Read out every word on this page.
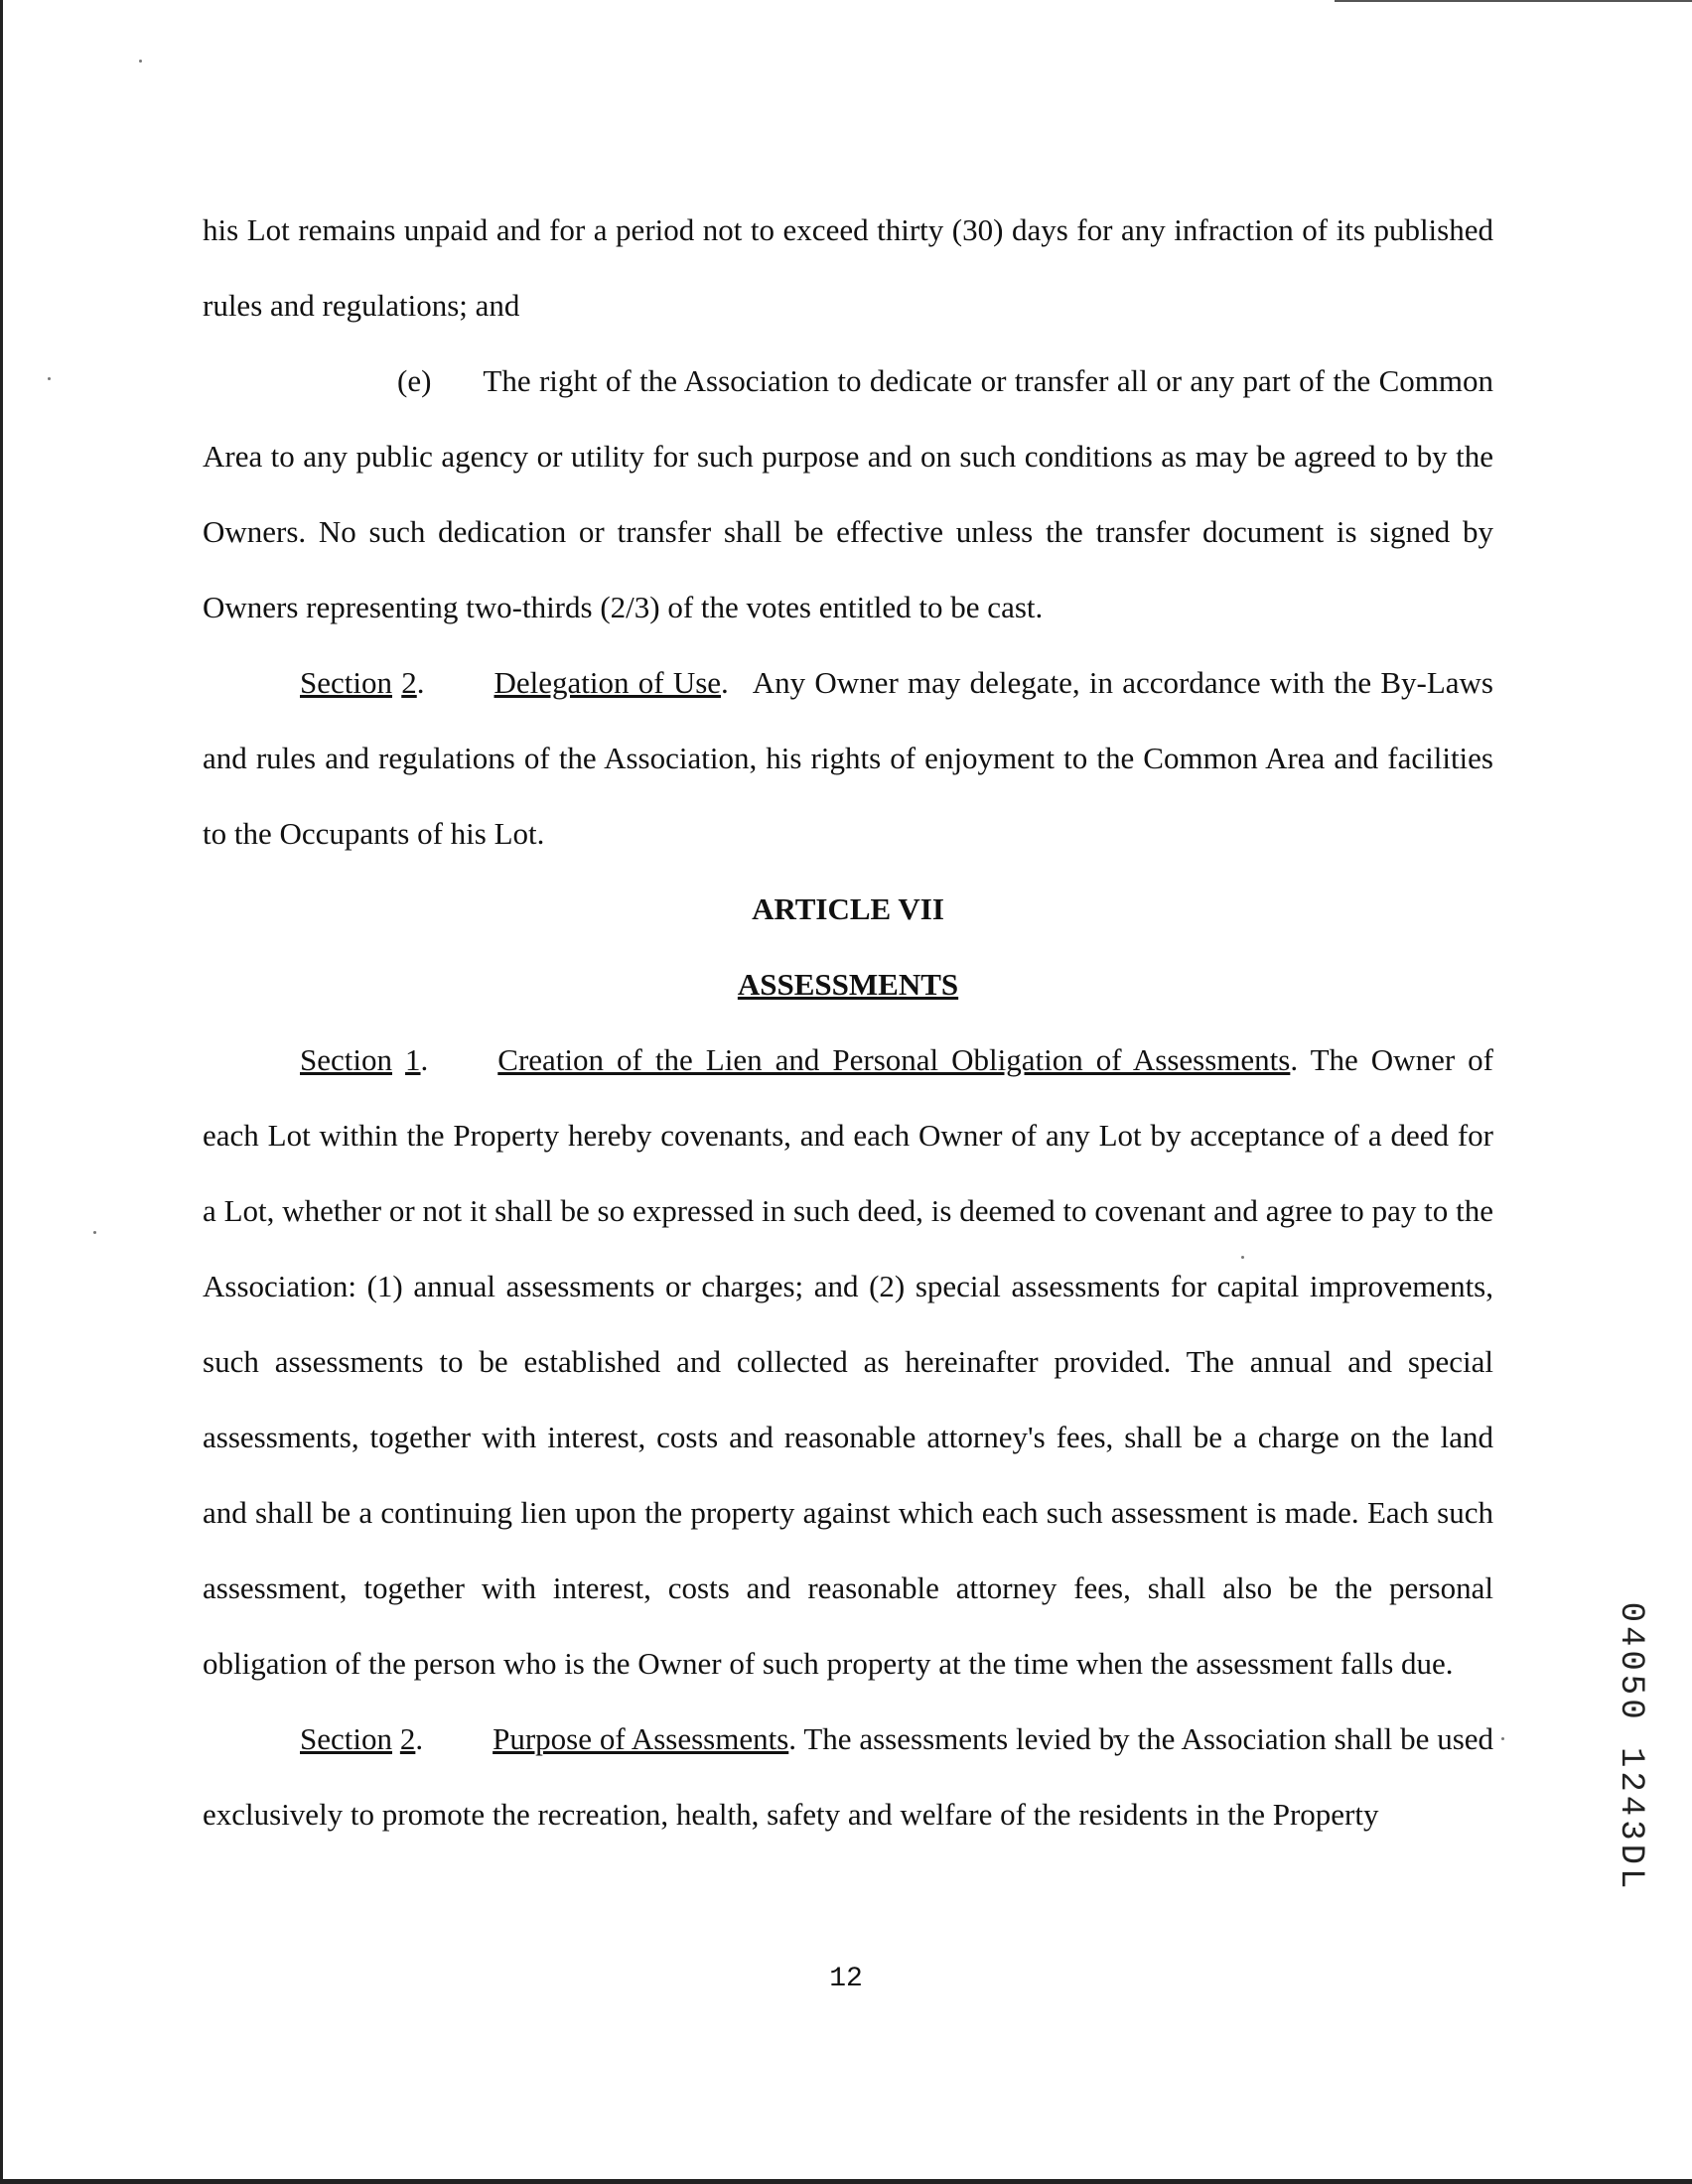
his Lot remains unpaid and for a period not to exceed thirty (30) days for any infraction of its published rules and regulations; and

(e) The right of the Association to dedicate or transfer all or any part of the Common Area to any public agency or utility for such purpose and on such conditions as may be agreed to by the Owners. No such dedication or transfer shall be effective unless the transfer document is signed by Owners representing two-thirds (2/3) of the votes entitled to be cast.

Section 2. Delegation of Use. Any Owner may delegate, in accordance with the By-Laws and rules and regulations of the Association, his rights of enjoyment to the Common Area and facilities to the Occupants of his Lot.

ARTICLE VII

ASSESSMENTS

Section 1. Creation of the Lien and Personal Obligation of Assessments. The Owner of each Lot within the Property hereby covenants, and each Owner of any Lot by acceptance of a deed for a Lot, whether or not it shall be so expressed in such deed, is deemed to covenant and agree to pay to the Association: (1) annual assessments or charges; and (2) special assessments for capital improvements, such assessments to be established and collected as hereinafter provided. The annual and special assessments, together with interest, costs and reasonable attorney's fees, shall be a charge on the land and shall be a continuing lien upon the property against which each such assessment is made. Each such assessment, together with interest, costs and reasonable attorney fees, shall also be the personal obligation of the person who is the Owner of such property at the time when the assessment falls due.

Section 2. Purpose of Assessments. The assessments levied by the Association shall be used exclusively to promote the recreation, health, safety and welfare of the residents in the Property

12
04050 1243DL
